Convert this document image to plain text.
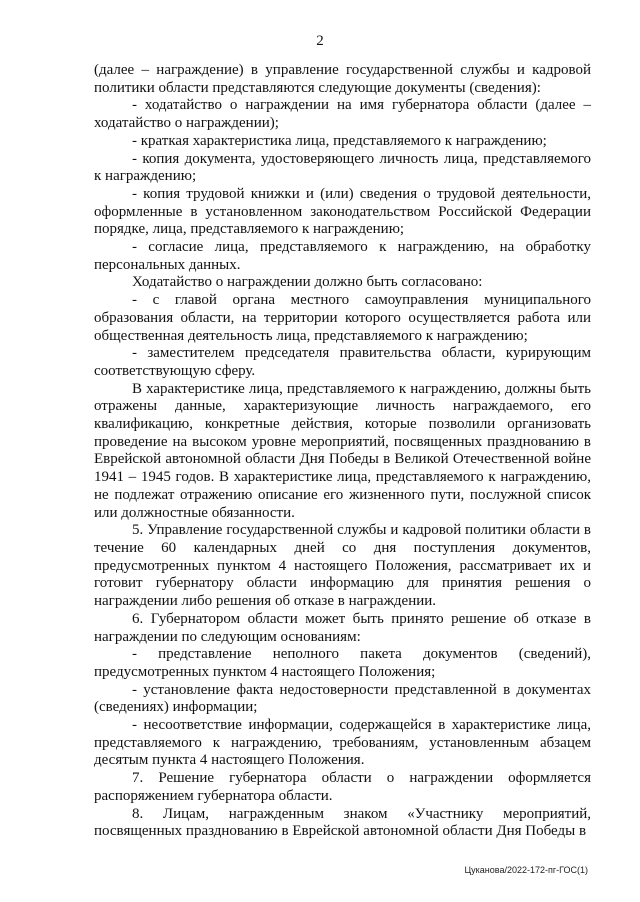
2

(далее – награждение) в управление государственной службы и кадровой политики области представляются следующие документы (сведения):

- ходатайство о награждении на имя губернатора области (далее – ходатайство о награждении);

- краткая характеристика лица, представляемого к награждению;

- копия документа, удостоверяющего личность лица, представляемого к награждению;

- копия трудовой книжки и (или) сведения о трудовой деятельности, оформленные в установленном законодательством Российской Федерации порядке, лица, представляемого к награждению;

- согласие лица, представляемого к награждению, на обработку персональных данных.

Ходатайство о награждении должно быть согласовано:

- с главой органа местного самоуправления муниципального образования области, на территории которого осуществляется работа или общественная деятельность лица, представляемого к награждению;

- заместителем председателя правительства области, курирующим соответствующую сферу.

В характеристике лица, представляемого к награждению, должны быть отражены данные, характеризующие личность награждаемого, его квалификацию, конкретные действия, которые позволили организовать проведение на высоком уровне мероприятий, посвященных празднованию в Еврейской автономной области Дня Победы в Великой Отечественной войне 1941 – 1945 годов. В характеристике лица, представляемого к награждению, не подлежат отражению описание его жизненного пути, послужной список или должностные обязанности.

5. Управление государственной службы и кадровой политики области в течение 60 календарных дней со дня поступления документов, предусмотренных пунктом 4 настоящего Положения, рассматривает их и готовит губернатору области информацию для принятия решения о награждении либо решения об отказе в награждении.

6. Губернатором области может быть принято решение об отказе в награждении по следующим основаниям:

- представление неполного пакета документов (сведений), предусмотренных пунктом 4 настоящего Положения;

- установление факта недостоверности представленной в документах (сведениях) информации;

- несоответствие информации, содержащейся в характеристике лица, представляемого к награждению, требованиям, установленным абзацем десятым пункта 4 настоящего Положения.

7. Решение губернатора области о награждении оформляется распоряжением губернатора области.

8. Лицам, награжденным знаком «Участнику мероприятий, посвященных празднованию в Еврейской автономной области Дня Победы в

Цуканова/2022-172-пг-ГОС(1)
